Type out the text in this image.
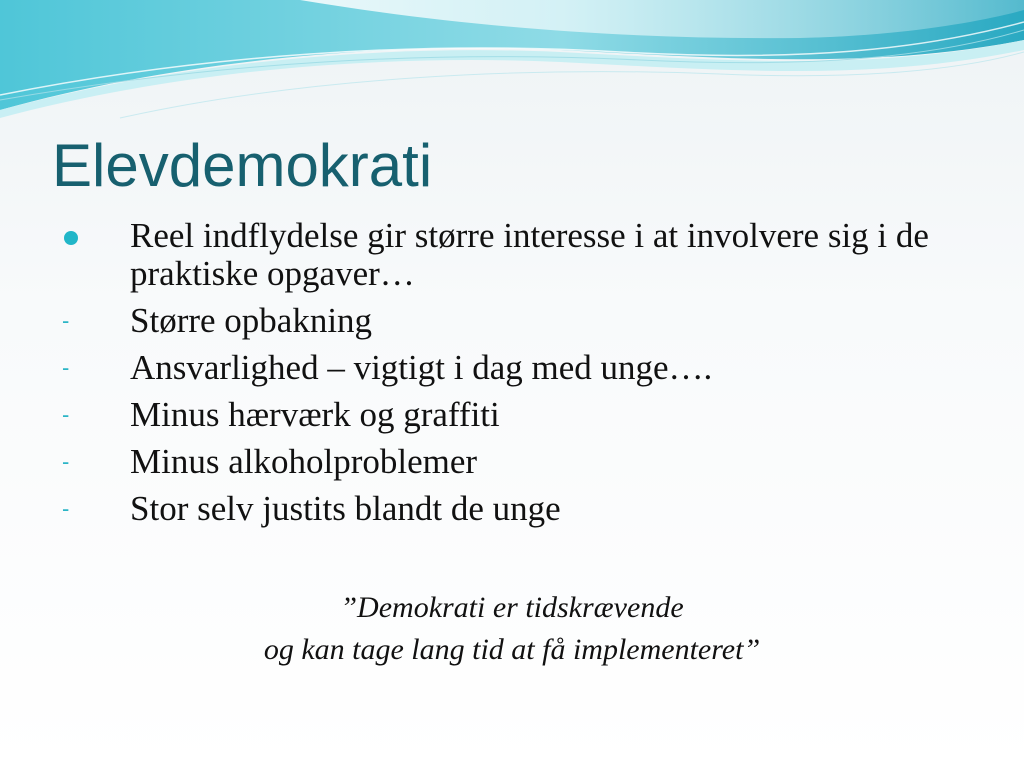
Elevdemokrati
Reel indflydelse gir større interesse i at involvere sig i de praktiske opgaver…
-	Større opbakning
-	Ansvarlighed – vigtigt i dag med unge….
-	Minus hærværk og graffiti
-	Minus alkoholproblemer
-	Stor selv justits blandt de unge
”Demokrati er tidskrævende
og kan tage lang tid at få implementeret”
